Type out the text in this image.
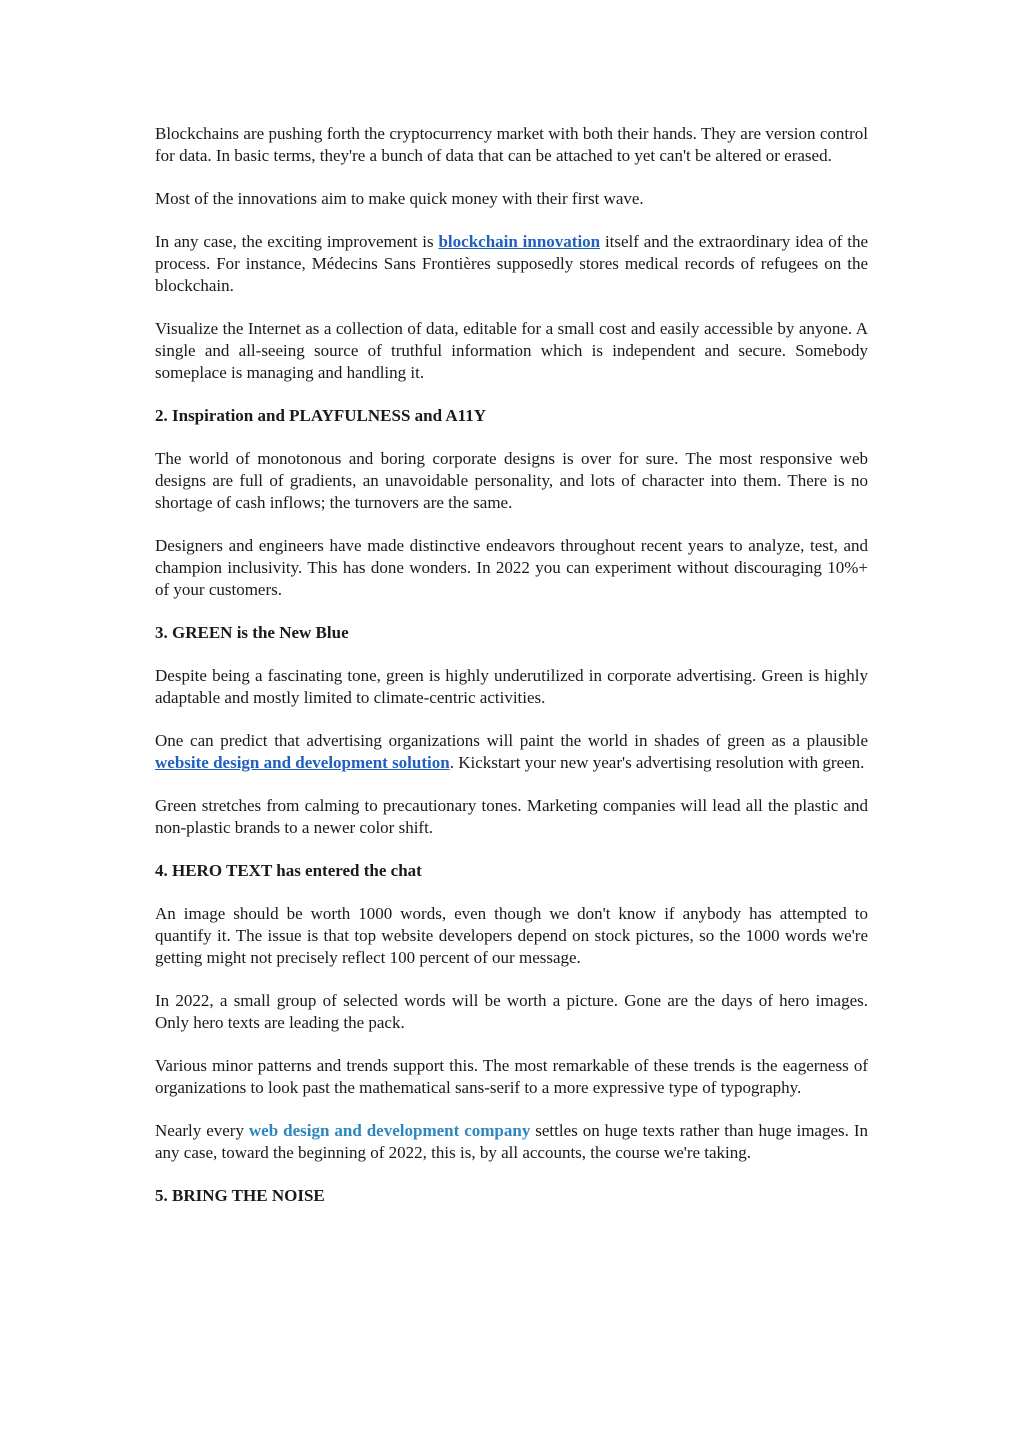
Blockchains are pushing forth the cryptocurrency market with both their hands. They are version control for data. In basic terms, they're a bunch of data that can be attached to yet can't be altered or erased.

Most of the innovations aim to make quick money with their first wave.

In any case, the exciting improvement is blockchain innovation itself and the extraordinary idea of the process. For instance, Médecins Sans Frontières supposedly stores medical records of refugees on the blockchain.

Visualize the Internet as a collection of data, editable for a small cost and easily accessible by anyone. A single and all-seeing source of truthful information which is independent and secure. Somebody someplace is managing and handling it.

2. Inspiration and PLAYFULNESS and A11Y

The world of monotonous and boring corporate designs is over for sure. The most responsive web designs are full of gradients, an unavoidable personality, and lots of character into them. There is no shortage of cash inflows; the turnovers are the same.

Designers and engineers have made distinctive endeavors throughout recent years to analyze, test, and champion inclusivity. This has done wonders. In 2022 you can experiment without discouraging 10%+ of your customers.

3. GREEN is the New Blue

Despite being a fascinating tone, green is highly underutilized in corporate advertising. Green is highly adaptable and mostly limited to climate-centric activities.

One can predict that advertising organizations will paint the world in shades of green as a plausible website design and development solution. Kickstart your new year's advertising resolution with green.

Green stretches from calming to precautionary tones. Marketing companies will lead all the plastic and non-plastic brands to a newer color shift.

4. HERO TEXT has entered the chat

An image should be worth 1000 words, even though we don't know if anybody has attempted to quantify it. The issue is that top website developers depend on stock pictures, so the 1000 words we're getting might not precisely reflect 100 percent of our message.

In 2022, a small group of selected words will be worth a picture. Gone are the days of hero images. Only hero texts are leading the pack.

Various minor patterns and trends support this. The most remarkable of these trends is the eagerness of organizations to look past the mathematical sans-serif to a more expressive type of typography.

Nearly every web design and development company settles on huge texts rather than huge images. In any case, toward the beginning of 2022, this is, by all accounts, the course we're taking.

5. BRING THE NOISE
